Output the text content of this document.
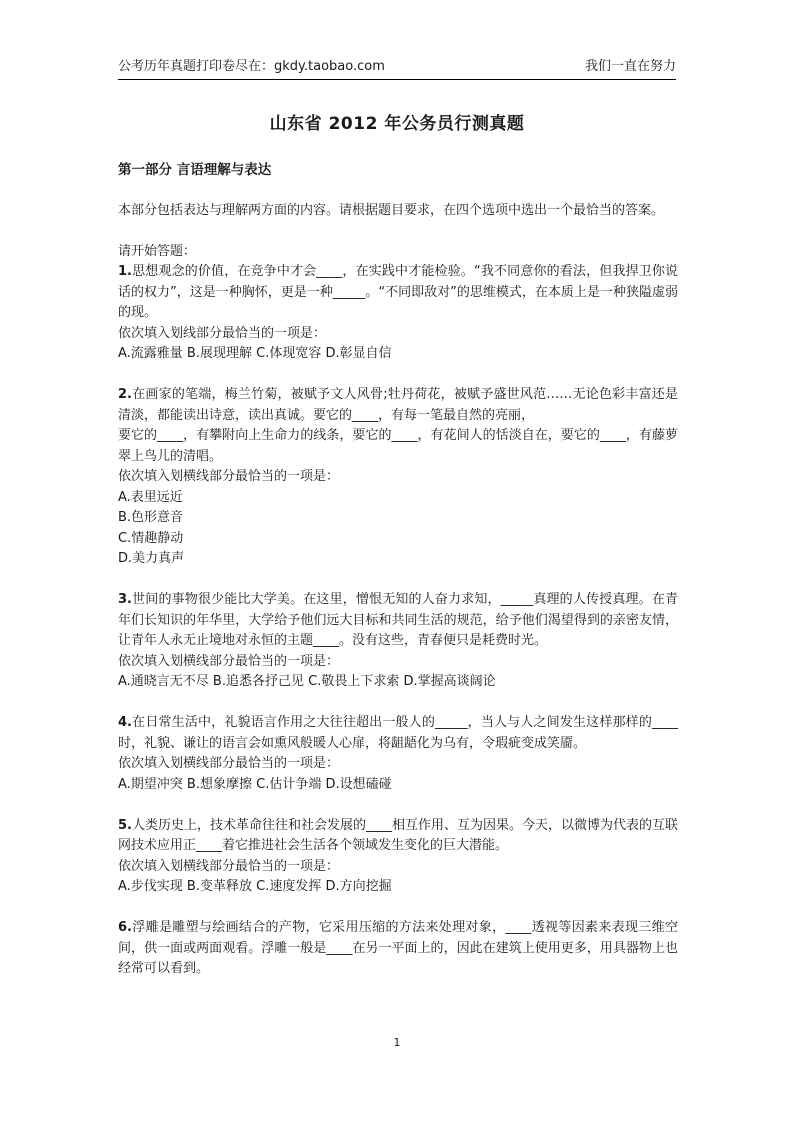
公考历年真题打印卷尽在：gkdy.taobao.com	我们一直在努力
山东省 2012 年公务员行测真题

第一部分 言语理解与表达

本部分包括表达与理解两方面的内容。请根据题目要求，在四个选项中选出一个最恰当的答案。

请开始答题：

1.思想观念的价值，在竞争中才会____，在实践中才能检验。“我不同意你的看法，但我捍卫你说话的权力”，这是一种胸怀，更是一种_____。“不同即敌对”的思维模式，在本质上是一种狭隘虚弱的现。

依次填入划线部分最恰当的一项是：

A.流露雅量 B.展现理解 C.体现宽容 D.彰显自信

2.在画家的笔端，梅兰竹菊，被赋予文人风骨;牡丹荷花，被赋予盛世风范……无论色彩丰富还是清淡，都能读出诗意，读出真诚。要它的____，有每一笔最自然的亮丽，
要它的____，有攀附向上生命力的线条，要它的____，有花间人的恬淡自在，要它的____，有藤萝翠上鸟儿的清唱。

依次填入划横线部分最恰当的一项是：

A.表里远近

B.色形意音

C.情趣静动

D.美力真声

3.世间的事物很少能比大学美。在这里，憎恨无知的人奋力求知，_____真理的人传授真理。在青年们长知识的年华里，大学给予他们远大目标和共同生活的规范，给予他们渴望得到的亲密友情，让青年人永无止境地对永恒的主题____。没有这些，青春便只是耗费时光。

依次填入划横线部分最恰当的一项是：

A.通晓言无不尽 B.追悉各抒己见 C.敬畏上下求索 D.掌握高谈阔论

4.在日常生活中，礼貌语言作用之大往往超出一般人的_____，当人与人之间发生这样那样的____时，礼貌、谦让的语言会如熏风般暖人心扉，将龃龉化为乌有，令瑕疵变成笑靥。

依次填入划横线部分最恰当的一项是：

A.期望冲突 B.想象摩擦 C.估计争端 D.设想磕碰

5.人类历史上，技术革命往往和社会发展的____相互作用、互为因果。今天，以微博为代表的互联网技术应用正____着它推进社会生活各个领域发生变化的巨大潜能。

依次填入划横线部分最恰当的一项是：

A.步伐实现 B.变革释放 C.速度发挥 D.方向挖掘

6.浮雕是雕塑与绘画结合的产物，它采用压缩的方法来处理对象，____透视等因素来表现三维空间，供一面或两面观看。浮雕一般是____在另一平面上的，因此在建筑上使用更多，用具器物上也经常可以看到。

1
